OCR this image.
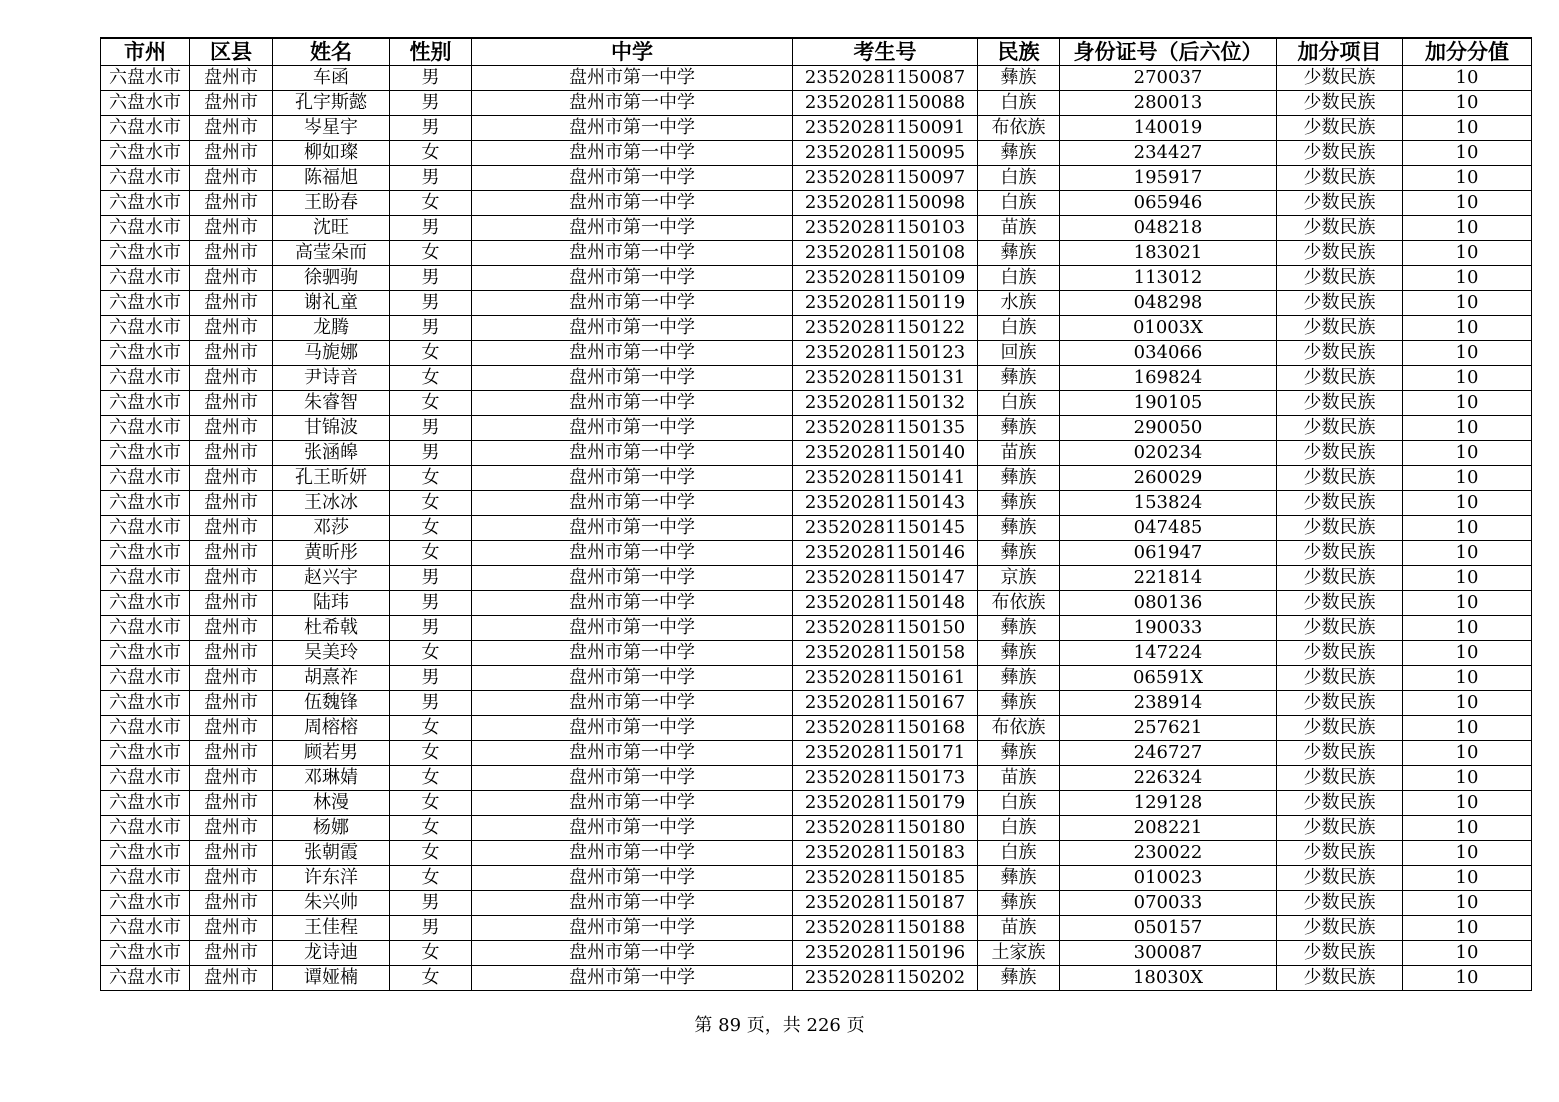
市州	区县	姓名	性别	中学	考生号	民族	身份证号（后六位）	加分项目	加分分值
六盘水市	盘州市	车函	男	盘州市第一中学	23520281150087	彝族	270037	少数民族	10
六盘水市	盘州市	孔宇斯懿	男	盘州市第一中学	23520281150088	白族	280013	少数民族	10
六盘水市	盘州市	岑星宇	男	盘州市第一中学	23520281150091	布依族	140019	少数民族	10
六盘水市	盘州市	柳如璨	女	盘州市第一中学	23520281150095	彝族	234427	少数民族	10
六盘水市	盘州市	陈福旭	男	盘州市第一中学	23520281150097	白族	195917	少数民族	10
六盘水市	盘州市	王盼春	女	盘州市第一中学	23520281150098	白族	065946	少数民族	10
六盘水市	盘州市	沈旺	男	盘州市第一中学	23520281150103	苗族	048218	少数民族	10
六盘水市	盘州市	高莹朵而	女	盘州市第一中学	23520281150108	彝族	183021	少数民族	10
六盘水市	盘州市	徐驷驹	男	盘州市第一中学	23520281150109	白族	113012	少数民族	10
六盘水市	盘州市	谢礼童	男	盘州市第一中学	23520281150119	水族	048298	少数民族	10
六盘水市	盘州市	龙腾	男	盘州市第一中学	23520281150122	白族	01003X	少数民族	10
六盘水市	盘州市	马旎娜	女	盘州市第一中学	23520281150123	回族	034066	少数民族	10
六盘水市	盘州市	尹诗音	女	盘州市第一中学	23520281150131	彝族	169824	少数民族	10
六盘水市	盘州市	朱睿智	女	盘州市第一中学	23520281150132	白族	190105	少数民族	10
六盘水市	盘州市	甘锦波	男	盘州市第一中学	23520281150135	彝族	290050	少数民族	10
六盘水市	盘州市	张涵皞	男	盘州市第一中学	23520281150140	苗族	020234	少数民族	10
六盘水市	盘州市	孔王昕妍	女	盘州市第一中学	23520281150141	彝族	260029	少数民族	10
六盘水市	盘州市	王冰冰	女	盘州市第一中学	23520281150143	彝族	153824	少数民族	10
六盘水市	盘州市	邓莎	女	盘州市第一中学	23520281150145	彝族	047485	少数民族	10
六盘水市	盘州市	黄昕彤	女	盘州市第一中学	23520281150146	彝族	061947	少数民族	10
六盘水市	盘州市	赵兴宇	男	盘州市第一中学	23520281150147	京族	221814	少数民族	10
六盘水市	盘州市	陆玮	男	盘州市第一中学	23520281150148	布依族	080136	少数民族	10
六盘水市	盘州市	杜希戟	男	盘州市第一中学	23520281150150	彝族	190033	少数民族	10
六盘水市	盘州市	吴美玲	女	盘州市第一中学	23520281150158	彝族	147224	少数民族	10
六盘水市	盘州市	胡熹祚	男	盘州市第一中学	23520281150161	彝族	06591X	少数民族	10
六盘水市	盘州市	伍魏锋	男	盘州市第一中学	23520281150167	彝族	238914	少数民族	10
六盘水市	盘州市	周榕榕	女	盘州市第一中学	23520281150168	布依族	257621	少数民族	10
六盘水市	盘州市	顾若男	女	盘州市第一中学	23520281150171	彝族	246727	少数民族	10
六盘水市	盘州市	邓琳婧	女	盘州市第一中学	23520281150173	苗族	226324	少数民族	10
六盘水市	盘州市	林漫	女	盘州市第一中学	23520281150179	白族	129128	少数民族	10
六盘水市	盘州市	杨娜	女	盘州市第一中学	23520281150180	白族	208221	少数民族	10
六盘水市	盘州市	张朝霞	女	盘州市第一中学	23520281150183	白族	230022	少数民族	10
六盘水市	盘州市	许东洋	女	盘州市第一中学	23520281150185	彝族	010023	少数民族	10
六盘水市	盘州市	朱兴帅	男	盘州市第一中学	23520281150187	彝族	070033	少数民族	10
六盘水市	盘州市	王佳程	男	盘州市第一中学	23520281150188	苗族	050157	少数民族	10
六盘水市	盘州市	龙诗迪	女	盘州市第一中学	23520281150196	土家族	300087	少数民族	10
六盘水市	盘州市	谭娅楠	女	盘州市第一中学	23520281150202	彝族	18030X	少数民族	10
第 89 页，共 226 页
